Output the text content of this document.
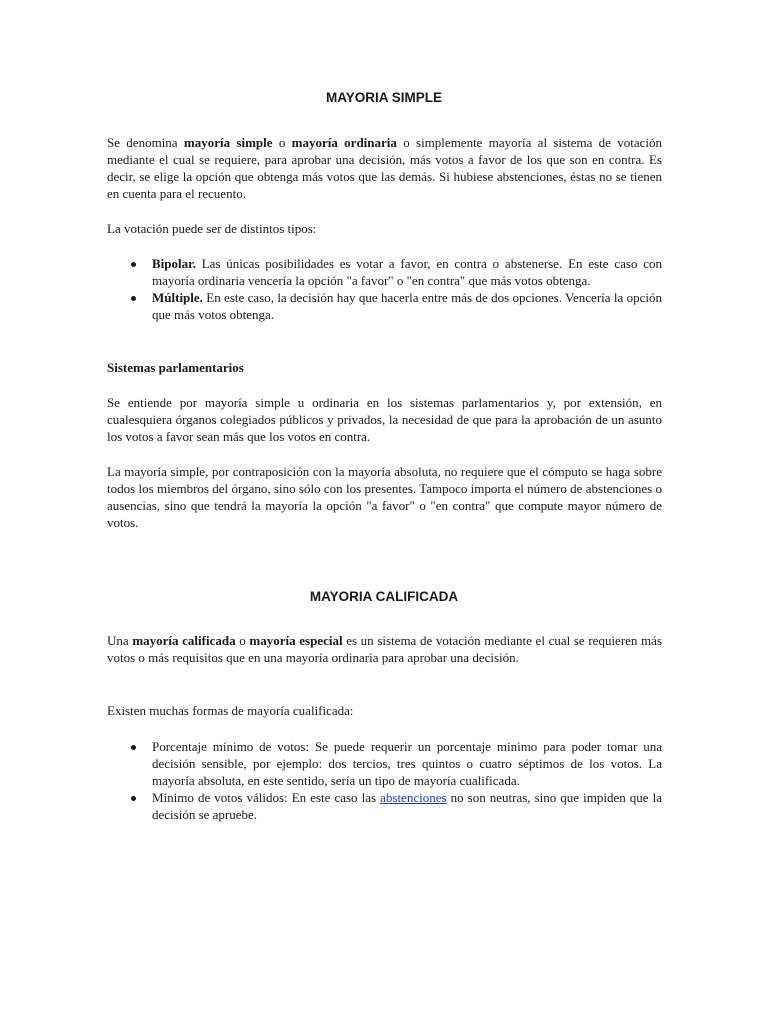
MAYORIA SIMPLE

Se denomina mayoría simple o mayoría ordinaria o simplemente mayoría al sistema de votación mediante el cual se requiere, para aprobar una decisión, más votos a favor de los que son en contra. Es decir, se elige la opción que obtenga más votos que las demás. Si hubiese abstenciones, éstas no se tienen en cuenta para el recuento.

La votación puede ser de distintos tipos:

Bipolar. Las únicas posibilidades es votar a favor, en contra o abstenerse. En este caso con mayoría ordinaria vencería la opción "a favor" o "en contra" que más votos obtenga.
Múltiple. En este caso, la decisión hay que hacerla entre más de dos opciones. Vencería la opción que más votos obtenga.

Sistemas parlamentarios

Se entiende por mayoría simple u ordinaria en los sistemas parlamentarios y, por extensión, en cualesquiera órganos colegiados públicos y privados, la necesidad de que para la aprobación de un asunto los votos a favor sean más que los votos en contra.

La mayoría simple, por contraposición con la mayoría absoluta, no requiere que el cómputo se haga sobre todos los miembros del órgano, sino sólo con los presentes. Tampoco importa el número de abstenciones o ausencias, sino que tendrá la mayoría la opción "a favor" o "en contra" que compute mayor número de votos.

MAYORIA CALIFICADA

Una mayoría calificada o mayoría especial es un sistema de votación mediante el cual se requieren más votos o más requisitos que en una mayoría ordinaria para aprobar una decisión.

Existen muchas formas de mayoría cualificada:

Porcentaje mínimo de votos: Se puede requerir un porcentaje mínimo para poder tomar una decisión sensible, por ejemplo: dos tercios, tres quintos o cuatro séptimos de los votos. La mayoría absoluta, en este sentido, sería un tipo de mayoría cualificada.
Mínimo de votos válidos: En este caso las abstenciones no son neutras, sino que impiden que la decisión se apruebe.
